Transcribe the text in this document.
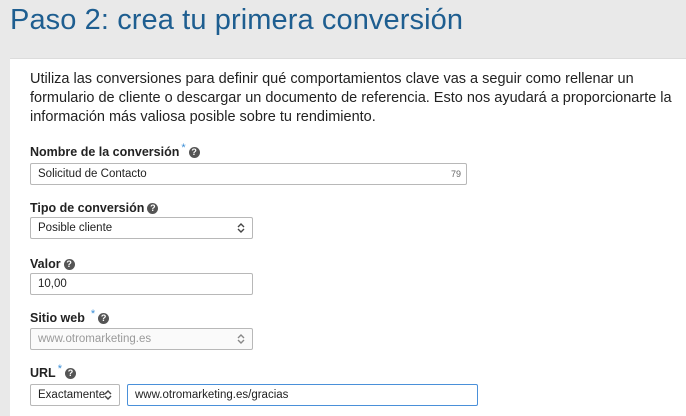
Paso 2: crea tu primera conversión
Utiliza las conversiones para definir qué comportamientos clave vas a seguir como rellenar un formulario de cliente o descargar un documento de referencia. Esto nos ayudará a proporcionarte la información más valiosa posible sobre tu rendimiento.
Nombre de la conversión * ?
Solicitud de Contacto	79
Tipo de conversión ?
Posible cliente
Valor ?
10,00
Sitio web * ?
www.otromarketing.es
URL * ?
Exactamente	www.otromarketing.es/gracias
